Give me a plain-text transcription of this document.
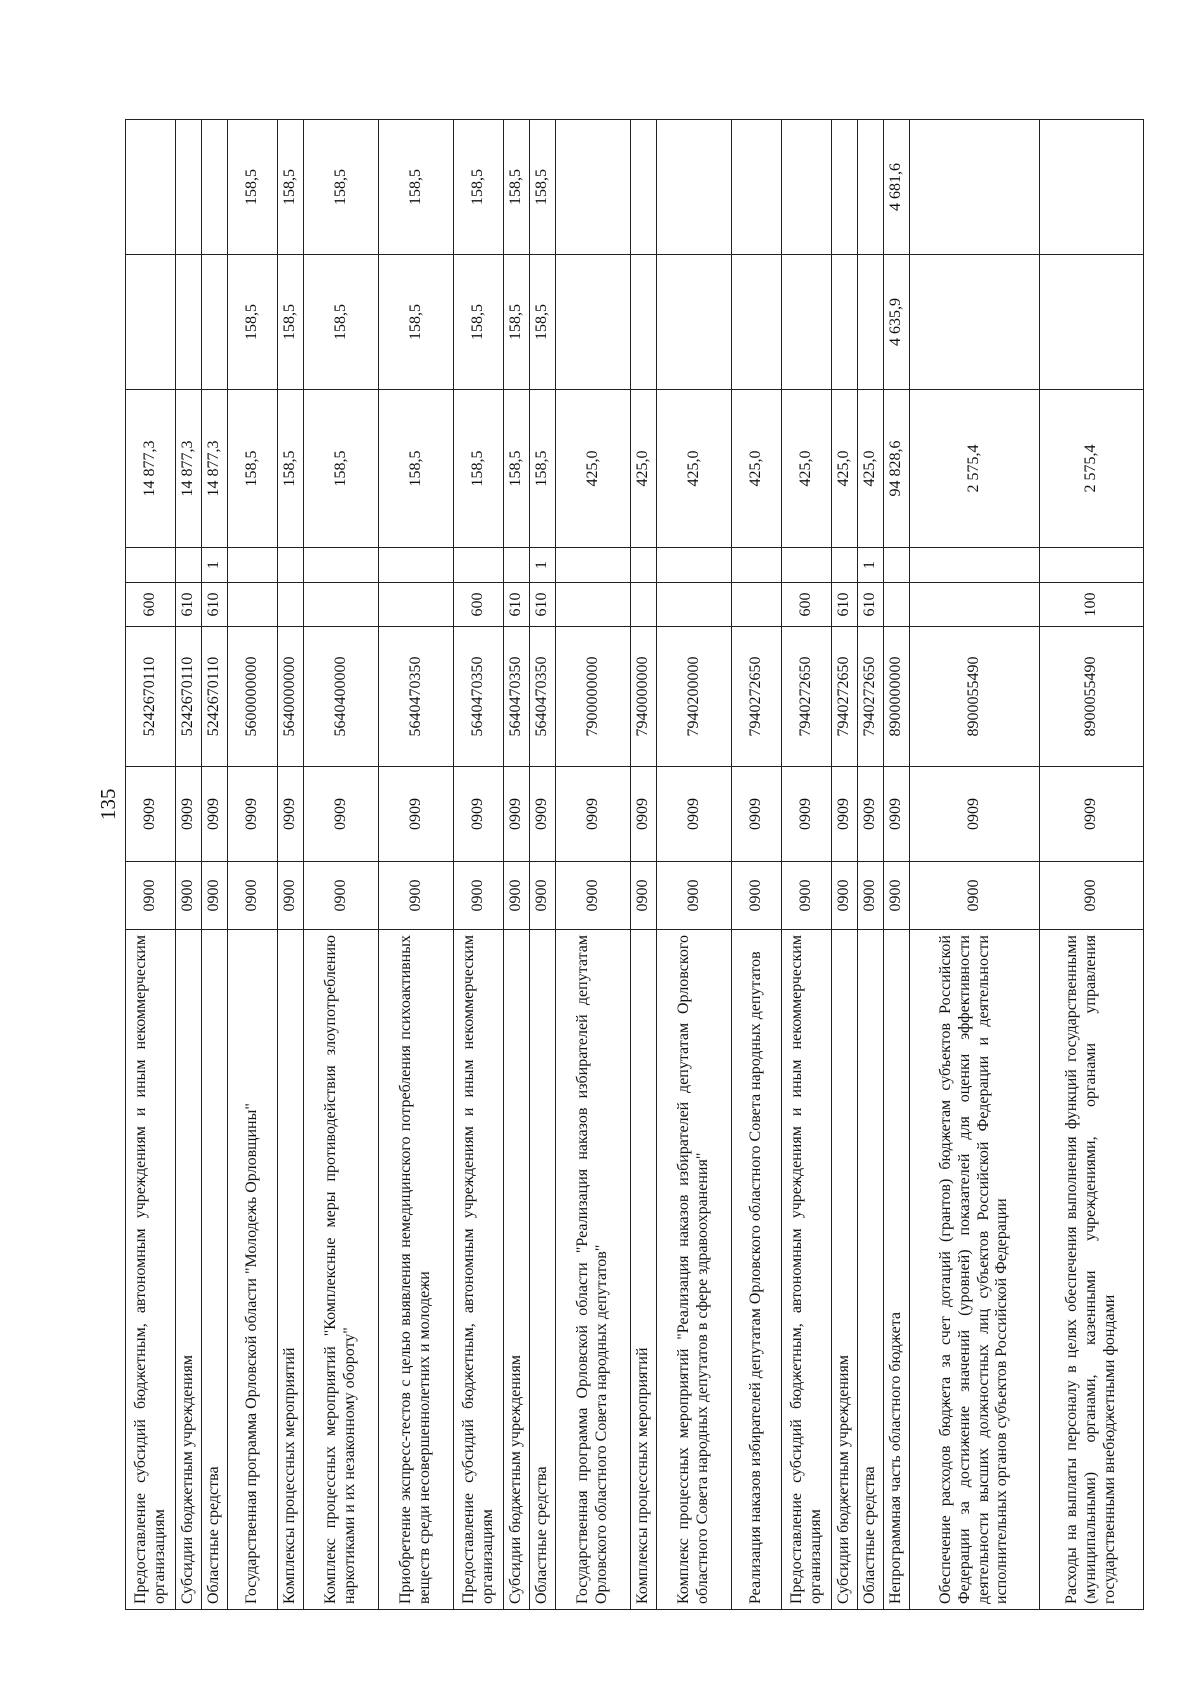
135
Предоставление субсидий бюджетным, автономным учреждениям и иным некоммерческим организациям	0900	0909	5242670110	600		14 877,3		
Субсидии бюджетным учреждениям	0900	0909	5242670110	610		14 877,3		
Областные средства	0900	0909	5242670110	610	1	14 877,3		
Государственная программа Орловской области "Молодежь Орловщины"	0900	0909	5600000000			158,5	158,5	158,5
Комплексы процессных мероприятий	0900	0909	5640000000			158,5	158,5	158,5
Комплекс процессных мероприятий "Комплексные меры противодействия злоупотреблению наркотиками и их незаконному обороту"	0900	0909	5640400000			158,5	158,5	158,5
Приобретение экспресс-тестов с целью выявления немедицинского потребления психоактивных веществ среди несовершеннолетних и молодежи	0900	0909	5640470350			158,5	158,5	158,5
Предоставление субсидий бюджетным, автономным учреждениям и иным некоммерческим организациям	0900	0909	5640470350	600		158,5	158,5	158,5
Субсидии бюджетным учреждениям	0900	0909	5640470350	610		158,5	158,5	158,5
Областные средства	0900	0909	5640470350	610	1	158,5	158,5	158,5
Государственная программа Орловской области "Реализация наказов избирателей депутатам Орловского областного Совета народных депутатов"	0900	0909	7900000000			425,0		
Комплексы процессных мероприятий	0900	0909	7940000000			425,0		
Комплекс процессных мероприятий "Реализация наказов избирателей депутатам Орловского областного Совета народных депутатов в сфере здравоохранения"	0900	0909	7940200000			425,0		
Реализация наказов избирателей депутатам Орловского областного Совета народных депутатов	0900	0909	7940272650			425,0		
Предоставление субсидий бюджетным, автономным учреждениям и иным некоммерческим организациям	0900	0909	7940272650	600		425,0		
Субсидии бюджетным учреждениям	0900	0909	7940272650	610		425,0		
Областные средства	0900	0909	7940272650	610	1	425,0		
Непрограммная часть областного бюджета	0900	0909	8900000000			94 828,6	4 635,9	4 681,6
Обеспечение расходов бюджета за счет дотаций (грантов) бюджетам субъектов Российской Федерации за достижение значений (уровней) показателей для оценки эффективности деятельности высших должностных лиц субъектов Российской Федерации и деятельности исполнительных органов субъектов Российской Федерации	0900	0909	8900055490			2 575,4		
Расходы на выплаты персоналу в целях обеспечения выполнения функций государственными (муниципальными) органами, казенными учреждениями, органами управления государственными внебюджетными фондами	0900	0909	8900055490	100		2 575,4		
